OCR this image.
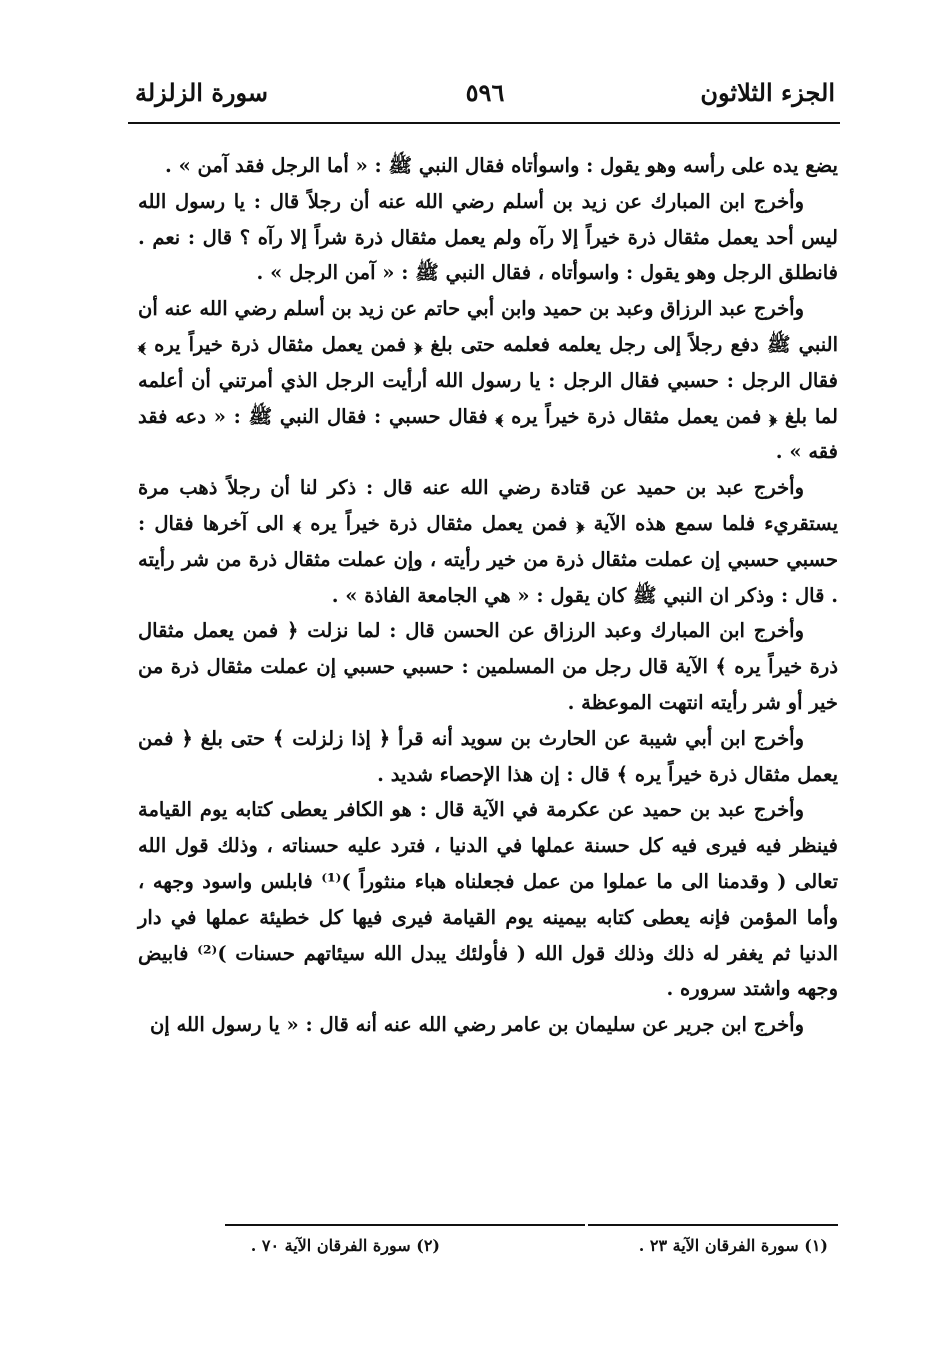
الجزء الثلاثون
٥٩٦
سورة الزلزلة

يضع يده على رأسه وهو يقول : واسوأتاه فقال النبي ﷺ : « أما الرجل فقد آمن » .

وأخرج ابن المبارك عن زيد بن أسلم رضي الله عنه أن رجلاً قال : يا رسول الله ليس أحد يعمل مثقال ذرة خيراً إلا رآه ولم يعمل مثقال ذرة شراً إلا رآه ؟ قال : نعم . فانطلق الرجل وهو يقول : واسوأتاه ، فقال النبي ﷺ : « آمن الرجل » .

وأخرج عبد الرزاق وعبد بن حميد وابن أبي حاتم عن زيد بن أسلم رضي الله عنه أن النبي ﷺ دفع رجلاً إلى رجل يعلمه فعلمه حتى بلغ ﴿ فمن يعمل مثقال ذرة خيراً يره ﴾ فقال الرجل : حسبي فقال الرجل : يا رسول الله أرأيت الرجل الذي أمرتني أن أعلمه لما بلغ ﴿ فمن يعمل مثقال ذرة خيراً يره ﴾ فقال حسبي : فقال النبي ﷺ : « دعه فقد فقه » .

وأخرج عبد بن حميد عن قتادة رضي الله عنه قال : ذكر لنا أن رجلاً ذهب مرة يستقريء فلما سمع هذه الآية ﴿ فمن يعمل مثقال ذرة خيراً يره ﴾ الى آخرها فقال : حسبي حسبي إن عملت مثقال ذرة من خير رأيته ، وإن عملت مثقال ذرة من شر رأيته . قال : وذكر ان النبي ﷺ كان يقول : « هي الجامعة الفاذة » .

وأخرج ابن المبارك وعبد الرزاق عن الحسن قال : لما نزلت ﴿ فمن يعمل مثقال ذرة خيراً يره ﴾ الآية قال رجل من المسلمين : حسبي حسبي إن عملت مثقال ذرة من خير أو شر رأيته انتهت الموعظة .

وأخرج ابن أبي شيبة عن الحارث بن سويد أنه قرأ ﴿ إذا زلزلت ﴾ حتى بلغ ﴿ فمن يعمل مثقال ذرة خيراً يره ﴾ قال : إن هذا الإحصاء شديد .

وأخرج عبد بن حميد عن عكرمة في الآية قال : هو الكافر يعطى كتابه يوم القيامة فينظر فيه فيرى فيه كل حسنة عملها في الدنيا ، فترد عليه حسناته ، وذلك قول الله تعالى ( وقدمنا الى ما عملوا من عمل فجعلناه هباء منثوراً )⁽¹⁾ فابلس واسود وجهه ، وأما المؤمن فإنه يعطى كتابه بيمينه يوم القيامة فيرى فيها كل خطيئة عملها في دار الدنيا ثم يغفر له ذلك وذلك قول الله ( فأولئك يبدل الله سيئاتهم حسنات )⁽²⁾ فابيض وجهه واشتد سروره .

وأخرج ابن جرير عن سليمان بن عامر رضي الله عنه أنه قال : « يا رسول الله إن

(١) سورة الفرقان الآية ٢٣ .
(٢) سورة الفرقان الآية ٧٠ .
